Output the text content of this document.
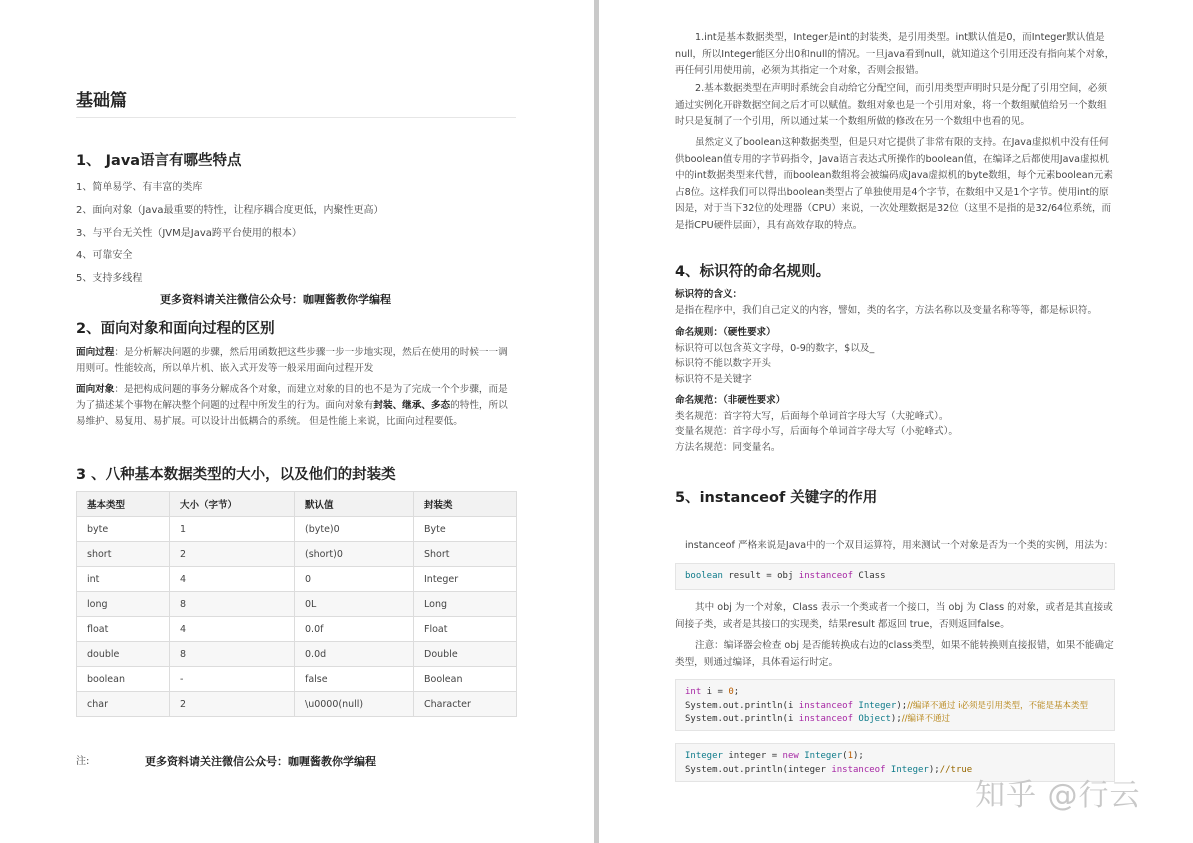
基础篇
1、 Java语言有哪些特点
1、简单易学、有丰富的类库
2、面向对象（Java最重要的特性，让程序耦合度更低，内聚性更高）
3、与平台无关性（JVM是Java跨平台使用的根本）
4、可靠安全
5、支持多线程
更多资料请关注微信公众号：咖喱酱教你学编程
2、面向对象和面向过程的区别
面向过程：是分析解决问题的步骤，然后用函数把这些步骤一步一步地实现，然后在使用的时候一一调用则可。性能较高，所以单片机、嵌入式开发等一般采用面向过程开发
面向对象：是把构成问题的事务分解成各个对象，而建立对象的目的也不是为了完成一个个步骤，而是为了描述某个事物在解决整个问题的过程中所发生的行为。面向对象有封装、继承、多态的特性，所以易维护、易复用、易扩展。可以设计出低耦合的系统。 但是性能上来说，比面向过程要低。
3 、八种基本数据类型的大小，以及他们的封装类
基本类型	大小（字节）	默认值	封装类
byte	1	(byte)0	Byte
short	2	(short)0	Short
int	4	0	Integer
long	8	0L	Long
float	4	0.0f	Float
double	8	0.0d	Double
boolean	-	false	Boolean
char	2	\u0000(null)	Character
注:	更多资料请关注微信公众号：咖喱酱教你学编程
1.int是基本数据类型，Integer是int的封装类，是引用类型。int默认值是0，而Integer默认值是null，所以Integer能区分出0和null的情况。一旦java看到null，就知道这个引用还没有指向某个对象，再任何引用使用前，必须为其指定一个对象，否则会报错。
2.基本数据类型在声明时系统会自动给它分配空间，而引用类型声明时只是分配了引用空间，必须通过实例化开辟数据空间之后才可以赋值。数组对象也是一个引用对象，将一个数组赋值给另一个数组时只是复制了一个引用，所以通过某一个数组所做的修改在另一个数组中也看的见。
虽然定义了boolean这种数据类型，但是只对它提供了非常有限的支持。在Java虚拟机中没有任何供boolean值专用的字节码指令，Java语言表达式所操作的boolean值，在编译之后都使用Java虚拟机中的int数据类型来代替，而boolean数组将会被编码成Java虚拟机的byte数组，每个元素boolean元素占8位。这样我们可以得出boolean类型占了单独使用是4个字节，在数组中又是1个字节。使用int的原因是，对于当下32位的处理器（CPU）来说，一次处理数据是32位（这里不是指的是32/64位系统，而是指CPU硬件层面），具有高效存取的特点。
4、标识符的命名规则。
标识符的含义：
是指在程序中，我们自己定义的内容，譬如，类的名字，方法名称以及变量名称等等，都是标识符。
命名规则：（硬性要求）
标识符可以包含英文字母，0-9的数字，$以及_
标识符不能以数字开头
标识符不是关键字
命名规范：（非硬性要求）
类名规范：首字符大写，后面每个单词首字母大写（大驼峰式）。
变量名规范：首字母小写，后面每个单词首字母大写（小驼峰式）。
方法名规范：同变量名。
5、instanceof 关键字的作用
instanceof 严格来说是Java中的一个双目运算符，用来测试一个对象是否为一个类的实例，用法为：
boolean result = obj instanceof Class
其中 obj 为一个对象，Class 表示一个类或者一个接口，当 obj 为 Class 的对象，或者是其直接或间接子类，或者是其接口的实现类，结果result 都返回 true，否则返回false。
注意：编译器会检查 obj 是否能转换成右边的class类型，如果不能转换则直接报错，如果不能确定类型，则通过编译，具体看运行时定。
int i = 0;
System.out.println(i instanceof Integer);//编译不通过 i必须是引用类型，不能是基本类型
System.out.println(i instanceof Object);//编译不通过
Integer integer = new Integer(1);
System.out.println(integer instanceof Integer);//true
知乎 @行云
